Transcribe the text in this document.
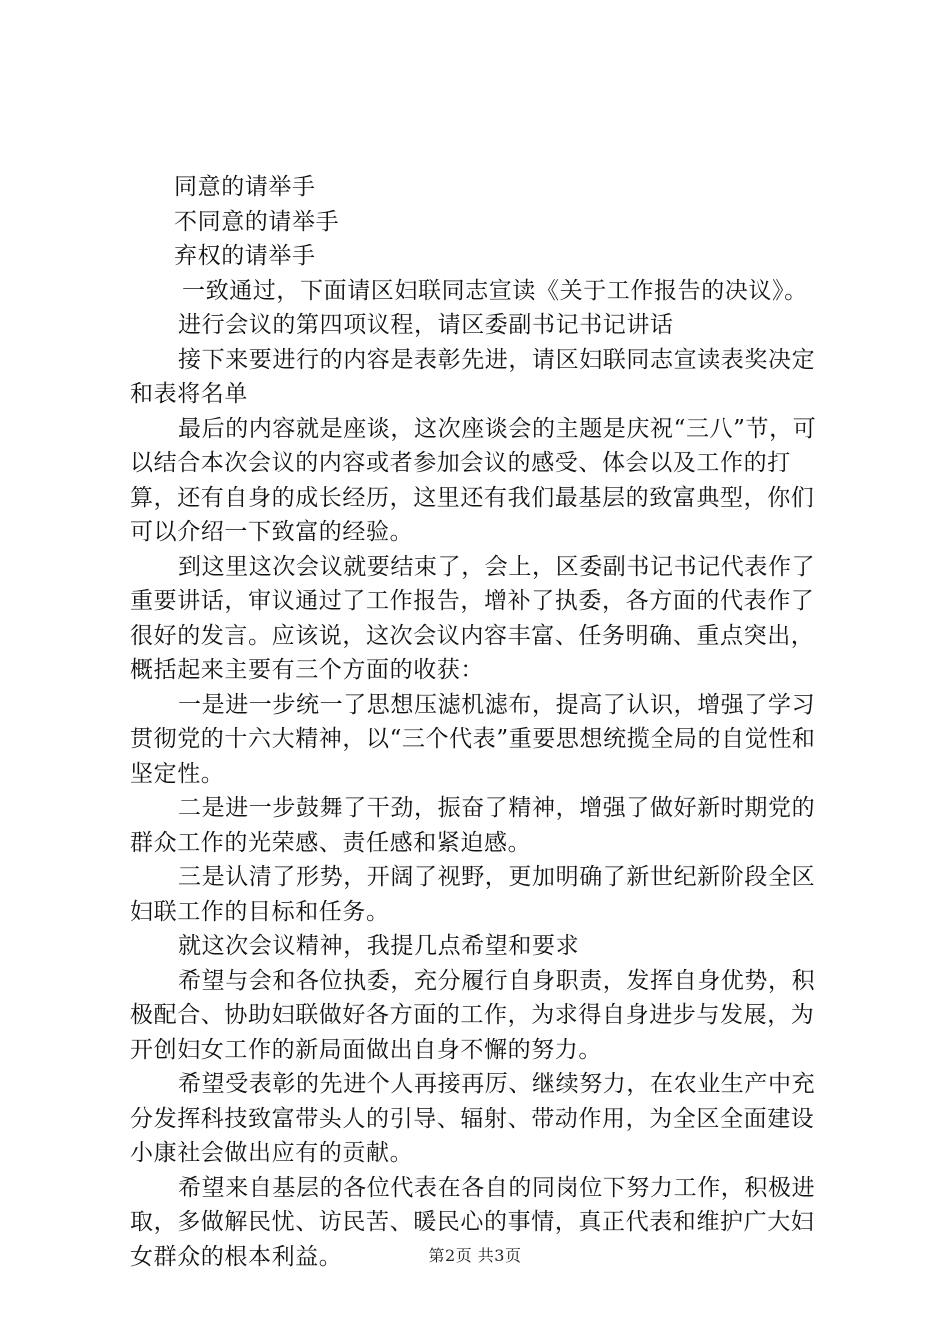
同意的请举手

不同意的请举手

弃权的请举手

一致通过，下面请区妇联同志宣读《关于工作报告的决议》。

进行会议的第四项议程，请区委副书记书记讲话

接下来要进行的内容是表彰先进，请区妇联同志宣读表奖决定和表将名单

最后的内容就是座谈，这次座谈会的主题是庆祝“三八”节，可以结合本次会议的内容或者参加会议的感受、体会以及工作的打算，还有自身的成长经历，这里还有我们最基层的致富典型，你们可以介绍一下致富的经验。

到这里这次会议就要结束了，会上，区委副书记书记代表作了重要讲话，审议通过了工作报告，增补了执委，各方面的代表作了很好的发言。应该说，这次会议内容丰富、任务明确、重点突出，概括起来主要有三个方面的收获：

一是进一步统一了思想压滤机滤布，提高了认识，增强了学习贯彻党的十六大精神，以“三个代表”重要思想统揽全局的自觉性和坚定性。

二是进一步鼓舞了干劲，振奋了精神，增强了做好新时期党的群众工作的光荣感、责任感和紧迫感。

三是认清了形势，开阔了视野，更加明确了新世纪新阶段全区妇联工作的目标和任务。

就这次会议精神，我提几点希望和要求

希望与会和各位执委，充分履行自身职责，发挥自身优势，积极配合、协助妇联做好各方面的工作，为求得自身进步与发展，为开创妇女工作的新局面做出自身不懈的努力。

希望受表彰的先进个人再接再厉、继续努力，在农业生产中充分发挥科技致富带头人的引导、辐射、带动作用，为全区全面建设小康社会做出应有的贡献。

希望来自基层的各位代表在各自的同岗位下努力工作，积极进取，多做解民忧、访民苦、暖民心的事情，真正代表和维护广大妇女群众的根本利益。	第2页 共3页
